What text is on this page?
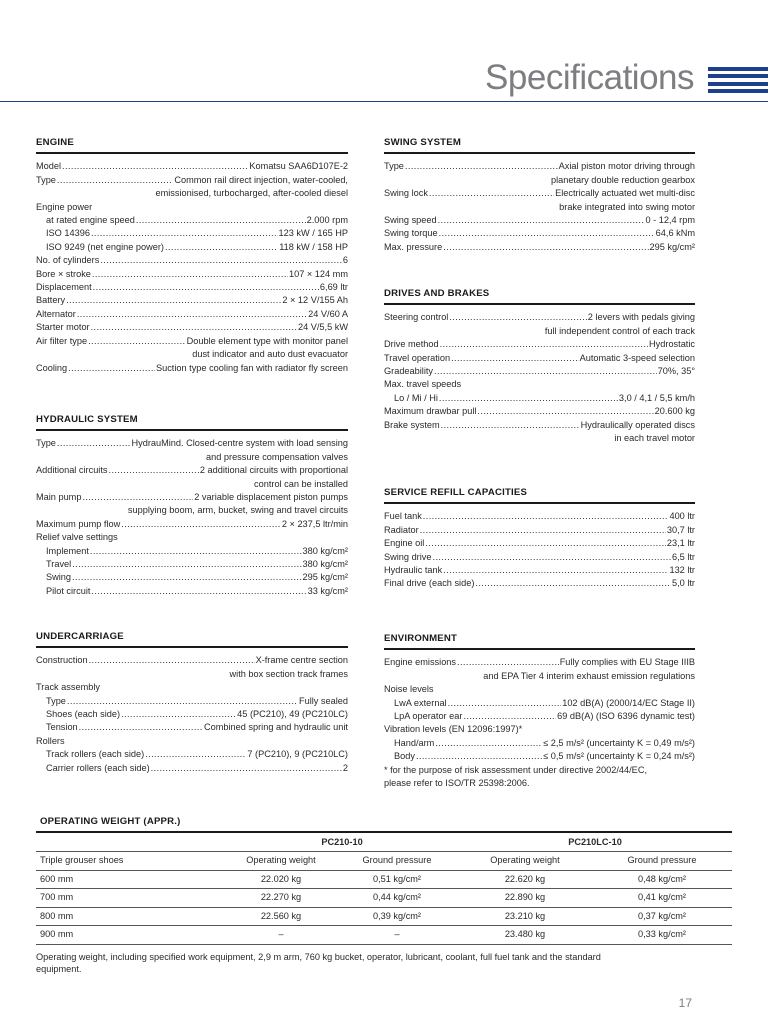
Specifications
ENGINE
Model .....	Komatsu SAA6D107E-2
Type .....	Common rail direct injection, water-cooled,
emissionised, turbocharged, after-cooled diesel
Engine power
at rated engine speed .....	2.000 rpm
ISO 14396 .....	123 kW / 165 HP
ISO 9249 (net engine power) .....	118 kW / 158 HP
No. of cylinders .....	6
Bore × stroke .....	107 × 124 mm
Displacement .....	6,69 ltr
Battery .....	2 × 12 V/155 Ah
Alternator .....	24 V/60 A
Starter motor .....	24 V/5,5 kW
Air filter type .....	Double element type with monitor panel
dust indicator and auto dust evacuator
Cooling .....	Suction type cooling fan with radiator fly screen
HYDRAULIC SYSTEM
Type .....	HydrauMind. Closed-centre system with load sensing
and pressure compensation valves
Additional circuits .....	2 additional circuits with proportional
control can be installed
Main pump .....	2 variable displacement piston pumps
supplying boom, arm, bucket, swing and travel circuits
Maximum pump flow .....	2 × 237,5 ltr/min
Relief valve settings
Implement .....	380 kg/cm²
Travel .....	380 kg/cm²
Swing .....	295 kg/cm²
Pilot circuit .....	33 kg/cm²
UNDERCARRIAGE
Construction .....	X-frame centre section
with box section track frames
Track assembly
Type .....	Fully sealed
Shoes (each side) .....	45 (PC210), 49 (PC210LC)
Tension .....	Combined spring and hydraulic unit
Rollers
Track rollers (each side) .....	7 (PC210), 9 (PC210LC)
Carrier rollers (each side) .....	2
SWING SYSTEM
Type .....	Axial piston motor driving through
planetary double reduction gearbox
Swing lock .....	Electrically actuated wet multi-disc
brake integrated into swing motor
Swing speed .....	0 - 12,4 rpm
Swing torque .....	64,6 kNm
Max. pressure .....	295 kg/cm²
DRIVES AND BRAKES
Steering control .....	2 levers with pedals giving
full independent control of each track
Drive method .....	Hydrostatic
Travel operation .....	Automatic 3-speed selection
Gradeability .....	70%, 35°
Max. travel speeds
Lo / Mi / Hi .....	3,0 / 4,1 / 5,5 km/h
Maximum drawbar pull .....	20.600 kg
Brake system .....	Hydraulically operated discs
in each travel motor
SERVICE REFILL CAPACITIES
Fuel tank .....	400 ltr
Radiator .....	30,7 ltr
Engine oil .....	23,1 ltr
Swing drive .....	6,5 ltr
Hydraulic tank .....	132 ltr
Final drive (each side) .....	5,0 ltr
ENVIRONMENT
Engine emissions .....	Fully complies with EU Stage IIIB
and EPA Tier 4 interim exhaust emission regulations
Noise levels
LwA external .....	102 dB(A) (2000/14/EC Stage II)
LpA operator ear .....	69 dB(A) (ISO 6396 dynamic test)
Vibration levels (EN 12096:1997)*
Hand/arm .....	≤ 2,5 m/s² (uncertainty K = 0,49 m/s²)
Body .....	≤ 0,5 m/s² (uncertainty K = 0,24 m/s²)
* for the purpose of risk assessment under directive 2002/44/EC,
please refer to ISO/TR 25398:2006.
OPERATING WEIGHT (APPR.)
	PC210-10		PC210LC-10	
Triple grouser shoes	Operating weight	Ground pressure	Operating weight	Ground pressure
600 mm	22.020 kg	0,51 kg/cm²	22.620 kg	0,48 kg/cm²
700 mm	22.270 kg	0,44 kg/cm²	22.890 kg	0,41 kg/cm²
800 mm	22.560 kg	0,39 kg/cm²	23.210 kg	0,37 kg/cm²
900 mm	–	–	23.480 kg	0,33 kg/cm²
Operating weight, including specified work equipment, 2,9 m arm, 760 kg bucket, operator, lubricant, coolant, full fuel tank and the standard equipment.
17
